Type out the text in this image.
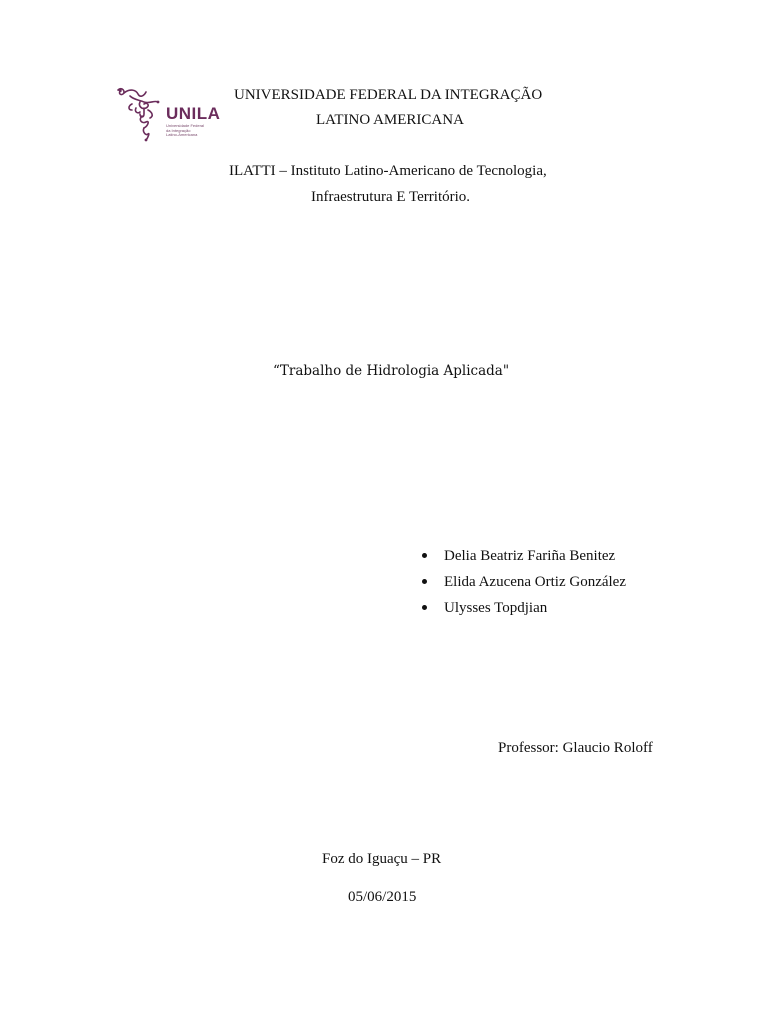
UNILA
Universidade Federal
da Integração
Latino-Americana
UNIVERSIDADE FEDERAL DA INTEGRAÇÃO
LATINO AMERICANA
ILATTI – Instituto Latino-Americano de Tecnologia,
Infraestrutura E Território.
“Trabalho de Hidrologia Aplicada"
Delia Beatriz Fariña Benitez
Elida Azucena Ortiz González
Ulysses Topdjian
Professor: Glaucio Roloff
Foz do Iguaçu – PR
05/06/2015
